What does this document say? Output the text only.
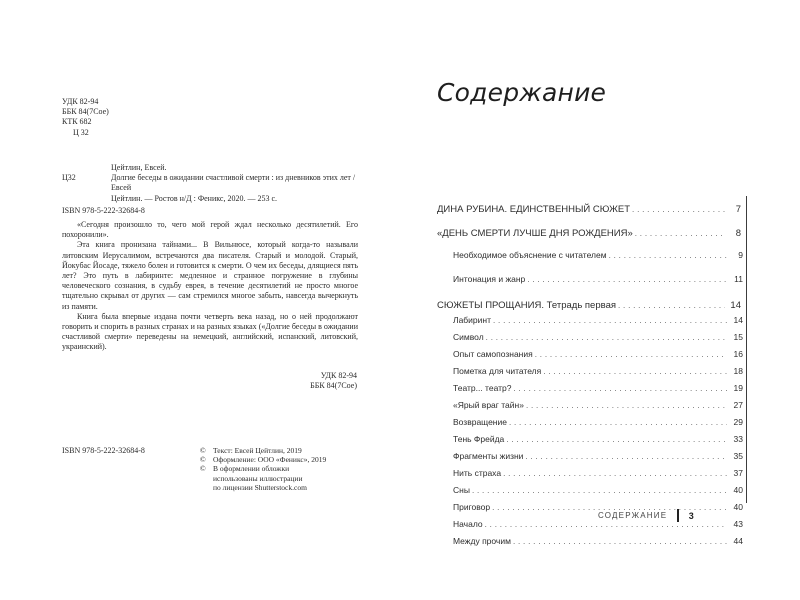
УДК 82-94
ББК 84(7Сое)
КТК 682
Ц 32
Цейтлин, Евсей.
Ц32	Долгие беседы в ожидании счастливой смерти : из дневников этих лет / Евсей
Цейтлин. — Ростов н/Д : Феникс, 2020. — 253 с.
ISBN 978-5-222-32684-8

«Сегодня произошло то, чего мой герой ждал несколько десятилетий. Его похоронили».

Эта книга пронизана тайнами... В Вильнюсе, который когда-то называли литовским Иерусалимом, встречаются два писателя. Старый и молодой. Старый, Йокубас Йосаде, тяжело болен и готовится к смерти. О чем их беседы, длящиеся пять лет? Это путь в лабиринте: медленное и странное погружение в глубины человеческого сознания, в судьбу еврея, в течение десятилетий не просто многое тщательно скрывал от других — сам стремился многое забыть, навсегда вычеркнуть из памяти.

Книга была впервые издана почти четверть века назад, но о ней продолжают говорить и спорить в разных странах и на разных языках («Долгие беседы в ожидании счастливой смерти» переведены на немецкий, английский, испанский, литовский, украинский).

УДК 82-94
ББК 84(7Сое)
ISBN 978-5-222-32684-8	© Текст: Евсей Цейтлин, 2019
© Оформление: ООО «Феникс», 2019
© В оформлении обложки
использованы иллюстрации
по лицензии Shutterstock.com
Содержание
ДИНА РУБИНА. ЕДИНСТВЕННЫЙ СЮЖЕТ . . .	7
«ДЕНЬ СМЕРТИ ЛУЧШЕ ДНЯ РОЖДЕНИЯ» . . .	8
Необходимое объяснение с читателем . . .	9
Интонация и жанр . . .	11
СЮЖЕТЫ ПРОЩАНИЯ. Тетрадь первая . . .	14
Лабиринт . . .	14
Символ . . .	15
Опыт самопознания . . .	16
Пометка для читателя . . .	18
Театр... театр? . . .	19
«Ярый враг тайн» . . .	27
Возвращение . . .	29
Тень Фрейда . . .	33
Фрагменты жизни . . .	35
Нить страха . . .	37
Сны . . .	40
Приговор . . .	40
Начало . . .	43
Между прочим . . .	44
СОДЕРЖАНИЕ 3
